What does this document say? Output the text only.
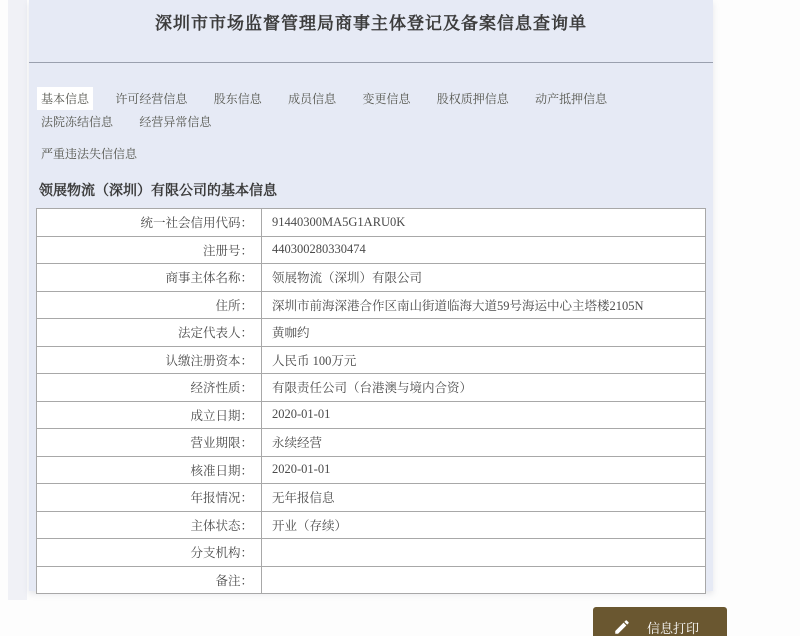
深圳市市场监督管理局商事主体登记及备案信息查询单
基本信息 许可经营信息 股东信息 成员信息 变更信息 股权质押信息 动产抵押信息 法院冻结信息 经营异常信息
严重违法失信信息
领展物流（深圳）有限公司的基本信息
统一社会信用代码：	91440300MA5G1ARU0K
注册号：	440300280330474
商事主体名称：	领展物流（深圳）有限公司
住所：	深圳市前海深港合作区南山街道临海大道59号海运中心主塔楼2105N
法定代表人：	黄咖约
认缴注册资本：	人民币 100万元
经济性质：	有限责任公司（台港澳与境内合资）
成立日期：	2020-01-01
营业期限：	永续经营
核准日期：	2020-01-01
年报情况：	无年报信息
主体状态：	开业（存续）
分支机构：	
备注：	
信息打印
